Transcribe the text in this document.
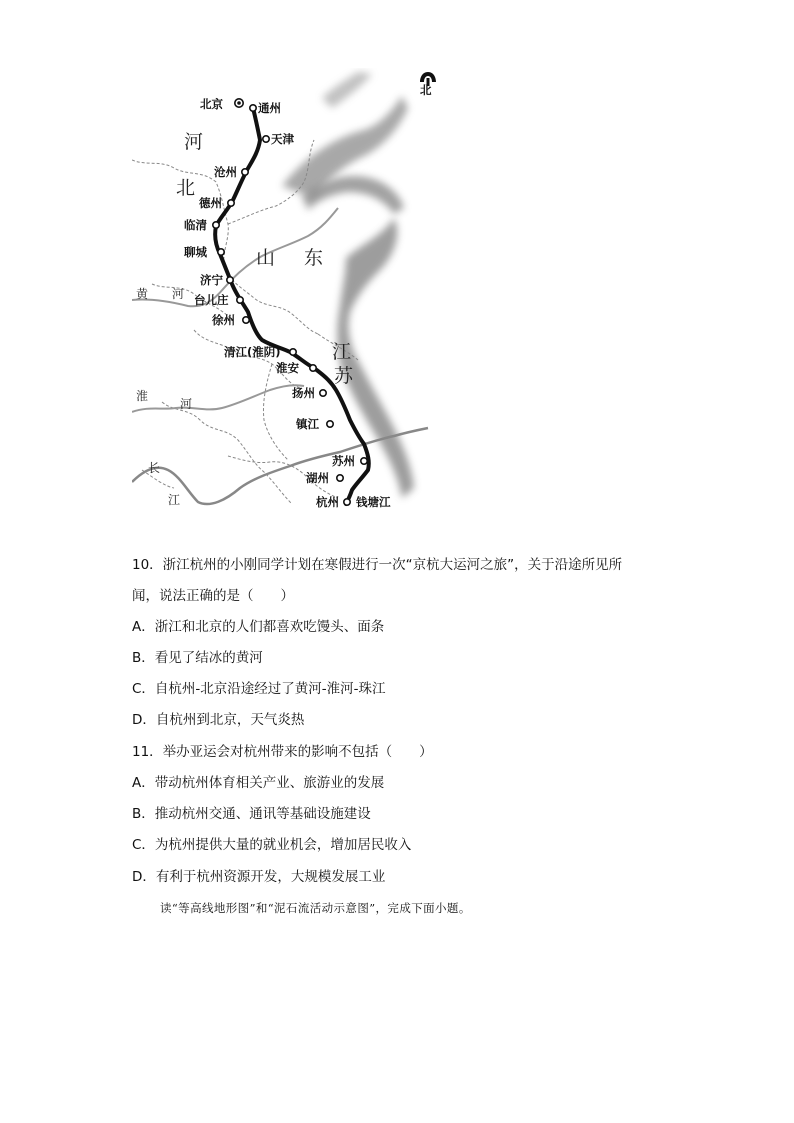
北
河
北
山 东
江
苏
黄 河
淮
河
长
江
北京	通州
天津
沧州
德州
临清
聊城
济宁
台儿庄
徐州
清江(淮阴)
淮安
扬州
镇江
苏州
湖州
杭州 钱塘江
10．浙江杭州的小刚同学计划在寒假进行一次“京杭大运河之旅”，关于沿途所见所
闻，说法正确的是（　　）
A．浙江和北京的人们都喜欢吃馒头、面条
B．看见了结冰的黄河
C．自杭州-北京沿途经过了黄河-淮河-珠江
D．自杭州到北京，天气炎热
11．举办亚运会对杭州带来的影响不包括（　　）
A．带动杭州体育相关产业、旅游业的发展
B．推动杭州交通、通讯等基础设施建设
C．为杭州提供大量的就业机会，增加居民收入
D．有利于杭州资源开发，大规模发展工业
读“等高线地形图”和“泥石流活动示意图”，完成下面小题。
